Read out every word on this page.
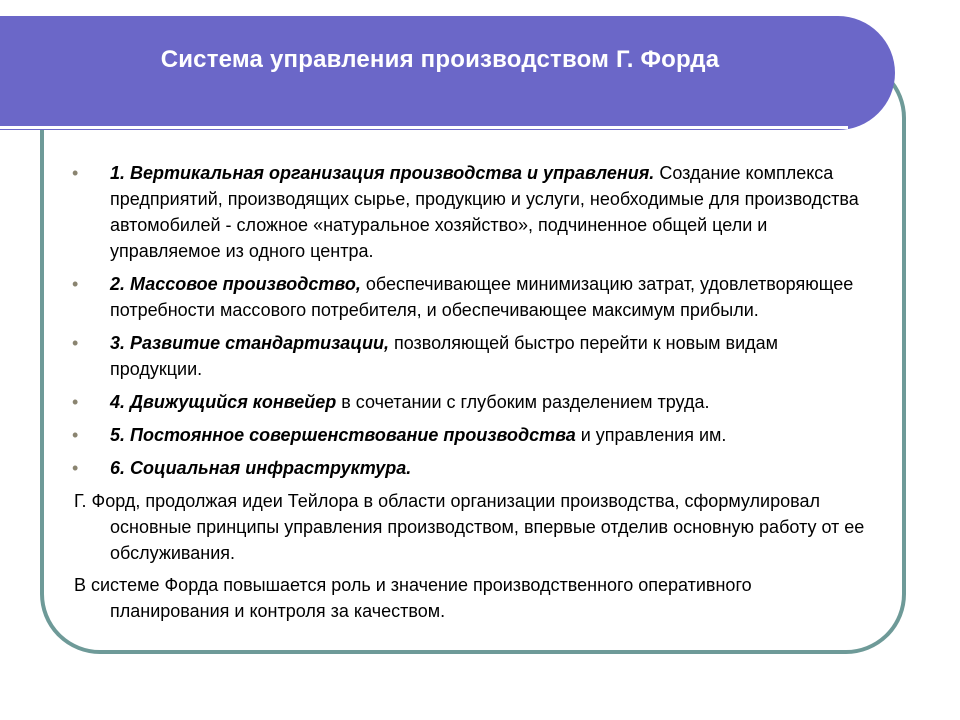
Система управления производством Г. Форда
• 1. Вертикальная организация производства и управления. Создание комплекса предприятий, производящих сырье, продукцию и услуги, необходимые для производства автомобилей - сложное «натуральное хозяйство», подчиненное общей цели и управляемое из одного центра.
• 2. Массовое производство, обеспечивающее минимизацию затрат, удовлетворяющее потребности массового потребителя, и обеспечивающее максимум прибыли.
• 3. Развитие стандартизации, позволяющей быстро перейти к новым видам продукции.
• 4. Движущийся конвейер в сочетании с глубоким разделением труда.
• 5. Постоянное совершенствование производства и управления им.
• 6. Социальная инфраструктура.
Г. Форд, продолжая идеи Тейлора в области организации производства, сформулировал основные принципы управления производством, впервые отделив основную работу от ее обслуживания.
В системе Форда повышается роль и значение производственного оперативного планирования и контроля за качеством.
